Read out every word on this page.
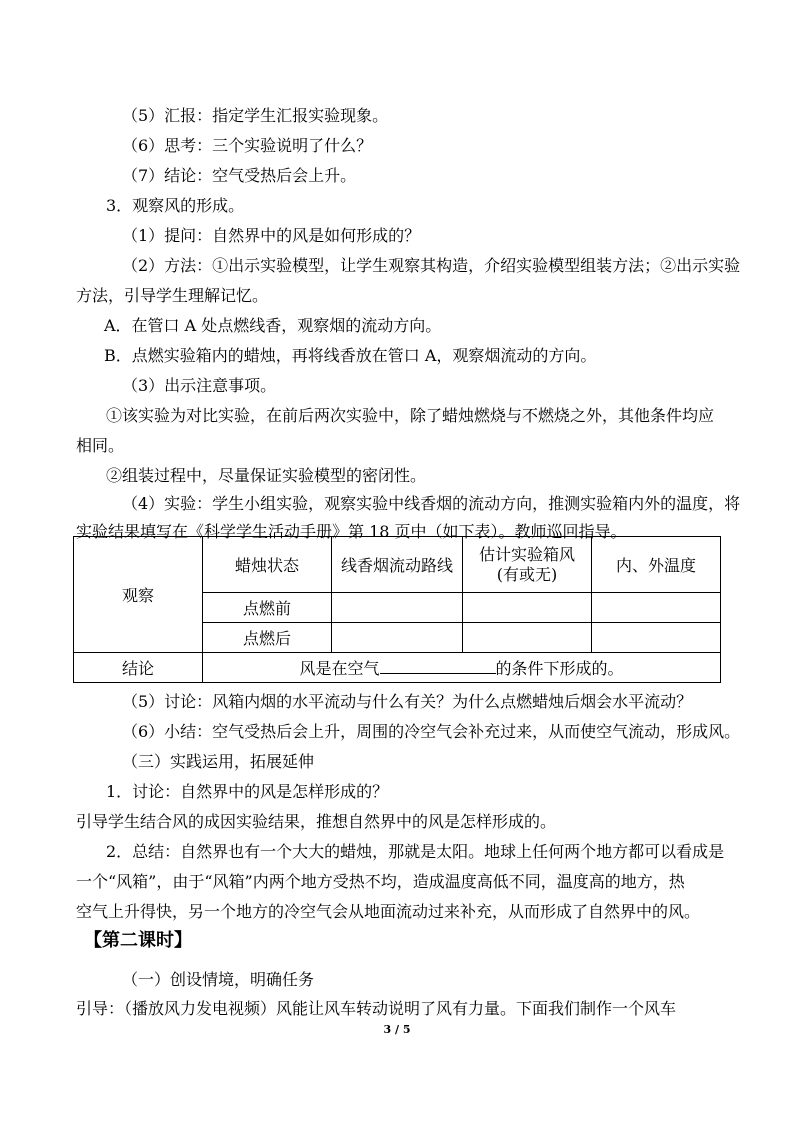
（5）汇报：指定学生汇报实验现象。
（6）思考：三个实验说明了什么？
（7）结论：空气受热后会上升。
3．观察风的形成。
（1）提问：自然界中的风是如何形成的？
（2）方法：①出示实验模型，让学生观察其构造，介绍实验模型组装方法；②出示实验
方法，引导学生理解记忆。
A．在管口 A 处点燃线香，观察烟的流动方向。
B．点燃实验箱内的蜡烛，再将线香放在管口 A，观察烟流动的方向。
（3）出示注意事项。
①该实验为对比实验，在前后两次实验中，除了蜡烛燃烧与不燃烧之外，其他条件均应
相同。
②组装过程中，尽量保证实验模型的密闭性。
（4）实验：学生小组实验，观察实验中线香烟的流动方向，推测实验箱内外的温度，将
实验结果填写在《科学学生活动手册》第 18 页中（如下表）。教师巡回指导。
观察	蜡烛状态	线香烟流动路线	估计实验箱风
(有或无)	内、外温度
	点燃前			
	点燃后			
结论	风是在空气 的条件下形成的。			
（5）讨论：风箱内烟的水平流动与什么有关？为什么点燃蜡烛后烟会水平流动？
（6）小结：空气受热后会上升，周围的冷空气会补充过来，从而使空气流动，形成风。
（三）实践运用，拓展延伸
1．讨论：自然界中的风是怎样形成的？
引导学生结合风的成因实验结果，推想自然界中的风是怎样形成的。
2．总结：自然界也有一个大大的蜡烛，那就是太阳。地球上任何两个地方都可以看成是
一个“风箱”，由于“风箱”内两个地方受热不均，造成温度高低不同，温度高的地方，热
空气上升得快，另一个地方的冷空气会从地面流动过来补充，从而形成了自然界中的风。
【第二课时】
（一）创设情境，明确任务
引导：（播放风力发电视频）风能让风车转动说明了风有力量。下面我们制作一个风车
3 / 5
